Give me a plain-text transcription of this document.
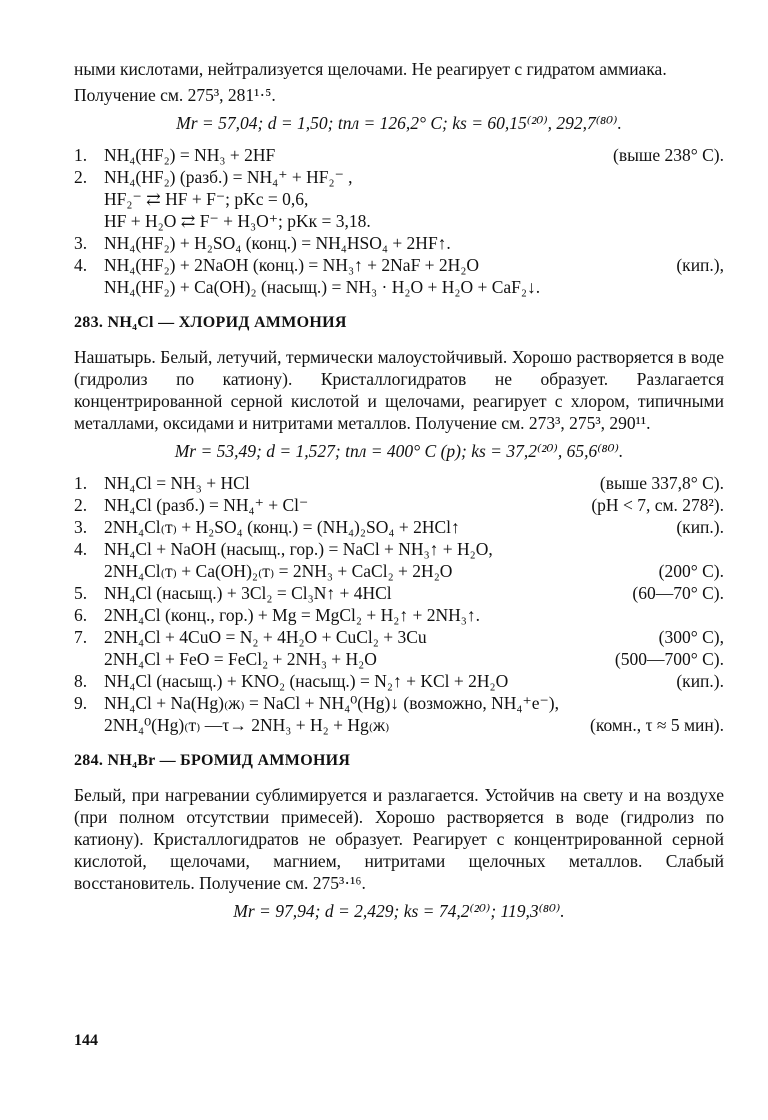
ными кислотами, нейтрализуется щелочами. Не реагирует с гидратом аммиака.

Получение см. 275³, 281¹·⁵.

Mr = 57,04; d = 1,50; tпл = 126,2° C; ks = 60,15⁽²⁰⁾, 292,7⁽⁸⁰⁾.

1. NH₄(HF₂) = NH₃ + 2HF	(выше 238° C).
2. NH₄(HF₂) (разб.) = NH₄⁺ + HF₂⁻ ,
HF₂⁻ ⇄ HF + F⁻; pKc = 0,6,
HF + H₂O ⇄ F⁻ + H₃O⁺; pKк = 3,18.
3. NH₄(HF₂) + H₂SO₄ (конц.) = NH₄HSO₄ + 2HF↑.
4. NH₄(HF₂) + 2NaOH (конц.) = NH₃↑ + 2NaF + 2H₂O	(кип.),
NH₄(HF₂) + Ca(OH)₂ (насыщ.) = NH₃ · H₂O + H₂O + CaF₂↓.
283. NH₄Cl — ХЛОРИД АММОНИЯ

Нашатырь. Белый, летучий, термически малоустойчивый. Хорошо растворяется в воде (гидролиз по катиону). Кристаллогидратов не образует. Разлагается концентрированной серной кислотой и щелочами, реагирует с хлором, типичными металлами, оксидами и нитритами металлов. Получение см. 273³, 275³, 290¹¹.

Mr = 53,49; d = 1,527; tпл = 400° C (p); ks = 37,2⁽²⁰⁾, 65,6⁽⁸⁰⁾.

1. NH₄Cl = NH₃ + HCl	(выше 337,8° C).
2. NH₄Cl (разб.) = NH₄⁺ + Cl⁻	(pH < 7, см. 278²).
3. 2NH₄Cl₍т₎ + H₂SO₄ (конц.) = (NH₄)₂SO₄ + 2HCl↑	(кип.).
4. NH₄Cl + NaOH (насыщ., гор.) = NaCl + NH₃↑ + H₂O,
2NH₄Cl₍т₎ + Ca(OH)₂₍т₎ = 2NH₃ + CaCl₂ + 2H₂O	(200° C).
5. NH₄Cl (насыщ.) + 3Cl₂ = Cl₃N↑ + 4HCl	(60—70° C).
6. 2NH₄Cl (конц., гор.) + Mg = MgCl₂ + H₂↑ + 2NH₃↑.
7. 2NH₄Cl + 4CuO = N₂ + 4H₂O + CuCl₂ + 3Cu	(300° C),
2NH₄Cl + FeO = FeCl₂ + 2NH₃ + H₂O	(500—700° C).
8. NH₄Cl (насыщ.) + KNO₂ (насыщ.) = N₂↑ + KCl + 2H₂O	(кип.).
9. NH₄Cl + Na(Hg)₍ж₎ = NaCl + NH₄⁰(Hg)↓ (возможно, NH₄⁺e⁻),
2NH₄⁰(Hg)₍т₎ —τ→ 2NH₃ + H₂ + Hg₍ж₎	(комн., τ ≈ 5 мин).
284. NH₄Br — БРОМИД АММОНИЯ

Белый, при нагревании сублимируется и разлагается. Устойчив на свету и на воздухе (при полном отсутствии примесей). Хорошо растворяется в воде (гидролиз по катиону). Кристаллогидратов не образует. Реагирует с концентрированной серной кислотой, щелочами, магнием, нитритами щелочных металлов. Слабый восстановитель. Получение см. 275³·¹⁶.

Mr = 97,94; d = 2,429; ks = 74,2⁽²⁰⁾; 119,3⁽⁸⁰⁾.

144
